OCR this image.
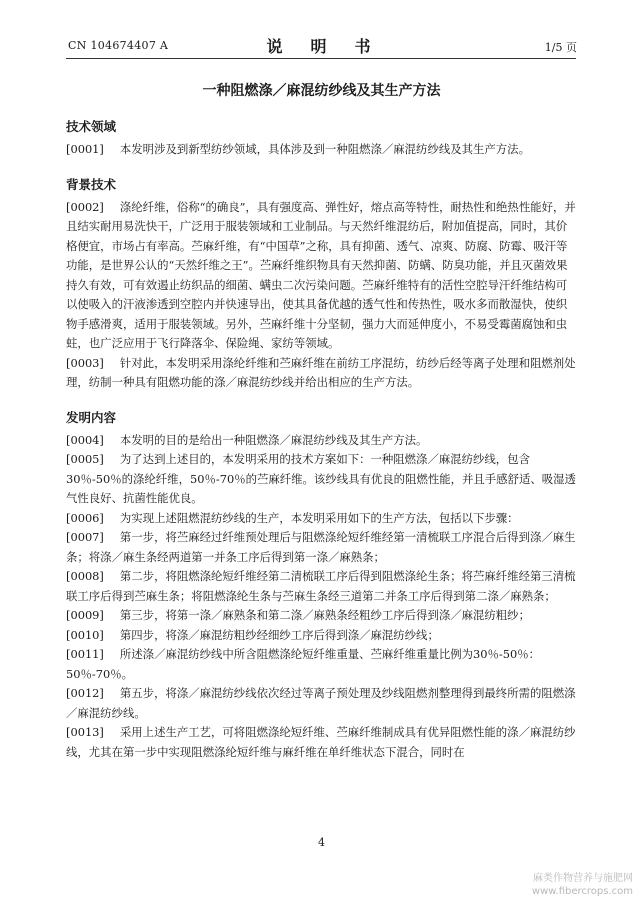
CN 104674407 A	说　明　书	1/5 页
一种阻燃涤／麻混纺纱线及其生产方法
技术领域

[0001] 本发明涉及到新型纺纱领域，具体涉及到一种阻燃涤／麻混纺纱线及其生产方法。

背景技术

[0002] 涤纶纤维，俗称“的确良”，具有强度高、弹性好，熔点高等特性，耐热性和绝热性能好，并且结实耐用易洗快干，广泛用于服装领域和工业制品。与天然纤维混纺后，附加值提高，同时，其价格便宜，市场占有率高。苎麻纤维，有“中国草”之称，具有抑菌、透气、凉爽、防腐、防霉、吸汗等功能，是世界公认的“天然纤维之王”。苎麻纤维织物具有天然抑菌、防螨、防臭功能，并且灭菌效果持久有效，可有效遏止纺织品的细菌、螨虫二次污染问题。苎麻纤维特有的活性空腔导汗纤维结构可以使吸入的汗液渗透到空腔内并快速导出，使其具备优越的透气性和传热性，吸水多而散湿快，使织物手感滑爽，适用于服装领域。另外，苎麻纤维十分坚韧，强力大而延伸度小，不易受霉菌腐蚀和虫蛀，也广泛应用于飞行降落伞、保险绳、家纺等领域。

[0003] 针对此，本发明采用涤纶纤维和苎麻纤维在前纺工序混纺，纺纱后经等离子处理和阻燃剂处理，纺制一种具有阻燃功能的涤／麻混纺纱线并给出相应的生产方法。

发明内容

[0004] 本发明的目的是给出一种阻燃涤／麻混纺纱线及其生产方法。

[0005] 为了达到上述目的，本发明采用的技术方案如下：一种阻燃涤／麻混纺纱线，包含30％-50％的涤纶纤维，50％-70％的苎麻纤维。该纱线具有优良的阻燃性能，并且手感舒适、吸湿透气性良好、抗菌性能优良。

[0006] 为实现上述阻燃混纺纱线的生产，本发明采用如下的生产方法，包括以下步骤：

[0007] 第一步，将苎麻经过纤维预处理后与阻燃涤纶短纤维经第一清梳联工序混合后得到涤／麻生条；将涤／麻生条经两道第一并条工序后得到第一涤／麻熟条；

[0008] 第二步，将阻燃涤纶短纤维经第二清梳联工序后得到阻燃涤纶生条；将苎麻纤维经第三清梳联工序后得到苎麻生条；将阻燃涤纶生条与苎麻生条经三道第二并条工序后得到第二涤／麻熟条；

[0009] 第三步，将第一涤／麻熟条和第二涤／麻熟条经粗纱工序后得到涤／麻混纺粗纱；

[0010] 第四步，将涤／麻混纺粗纱经细纱工序后得到涤／麻混纺纱线；

[0011] 所述涤／麻混纺纱线中所含阻燃涤纶短纤维重量、苎麻纤维重量比例为30％-50％：50％-70％。

[0012] 第五步，将涤／麻混纺纱线依次经过等离子预处理及纱线阻燃剂整理得到最终所需的阻燃涤／麻混纺纱线。

[0013] 采用上述生产工艺，可将阻燃涤纶短纤维、苎麻纤维制成具有优异阻燃性能的涤／麻混纺纱线，尤其在第一步中实现阻燃涤纶短纤维与麻纤维在单纤维状态下混合，同时在

4
麻类作物营养与施肥网
www.fibercrops.com
